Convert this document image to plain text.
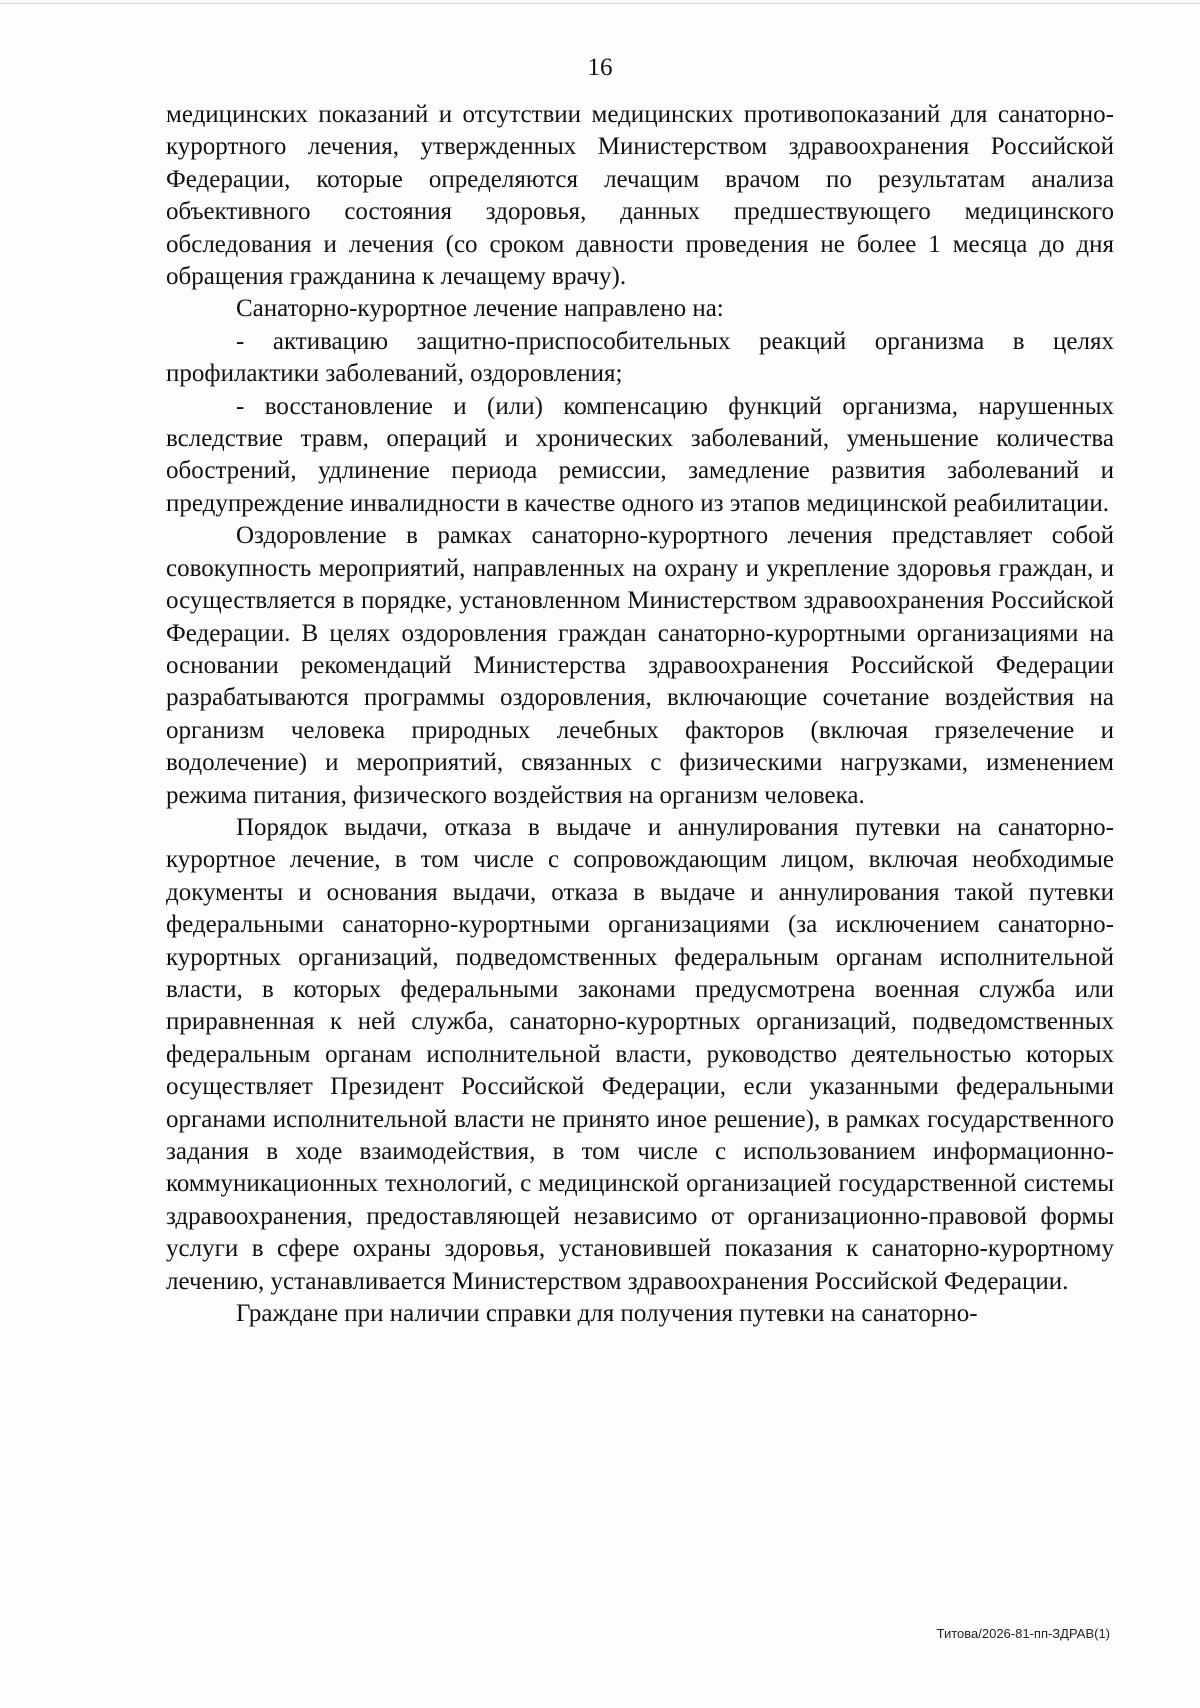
16

медицинских показаний и отсутствии медицинских противопоказаний для санаторно-курортного лечения, утвержденных Министерством здравоохранения Российской Федерации, которые определяются лечащим врачом по результатам анализа объективного состояния здоровья, данных предшествующего медицинского обследования и лечения (со сроком давности проведения не более 1 месяца до дня обращения гражданина к лечащему врачу).

Санаторно-курортное лечение направлено на:

- активацию защитно-приспособительных реакций организма в целях профилактики заболеваний, оздоровления;

- восстановление и (или) компенсацию функций организма, нарушенных вследствие травм, операций и хронических заболеваний, уменьшение количества обострений, удлинение периода ремиссии, замедление развития заболеваний и предупреждение инвалидности в качестве одного из этапов медицинской реабилитации.

Оздоровление в рамках санаторно-курортного лечения представляет собой совокупность мероприятий, направленных на охрану и укрепление здоровья граждан, и осуществляется в порядке, установленном Министерством здравоохранения Российской Федерации. В целях оздоровления граждан санаторно-курортными организациями на основании рекомендаций Министерства здравоохранения Российской Федерации разрабатываются программы оздоровления, включающие сочетание воздействия на организм человека природных лечебных факторов (включая грязелечение и водолечение) и мероприятий, связанных с физическими нагрузками, изменением режима питания, физического воздействия на организм человека.

Порядок выдачи, отказа в выдаче и аннулирования путевки на санаторно-курортное лечение, в том числе с сопровождающим лицом, включая необходимые документы и основания выдачи, отказа в выдаче и аннулирования такой путевки федеральными санаторно-курортными организациями (за исключением санаторно-курортных организаций, подведомственных федеральным органам исполнительной власти, в которых федеральными законами предусмотрена военная служба или приравненная к ней служба, санаторно-курортных организаций, подведомственных федеральным органам исполнительной власти, руководство деятельностью которых осуществляет Президент Российской Федерации, если указанными федеральными органами исполнительной власти не принято иное решение), в рамках государственного задания в ходе взаимодействия, в том числе с использованием информационно-коммуникационных технологий, с медицинской организацией государственной системы здравоохранения, предоставляющей независимо от организационно-правовой формы услуги в сфере охраны здоровья, установившей показания к санаторно-курортному лечению, устанавливается Министерством здравоохранения Российской Федерации.

Граждане при наличии справки для получения путевки на санаторно-

Титова/2026-81-пп-ЗДРАВ(1)
